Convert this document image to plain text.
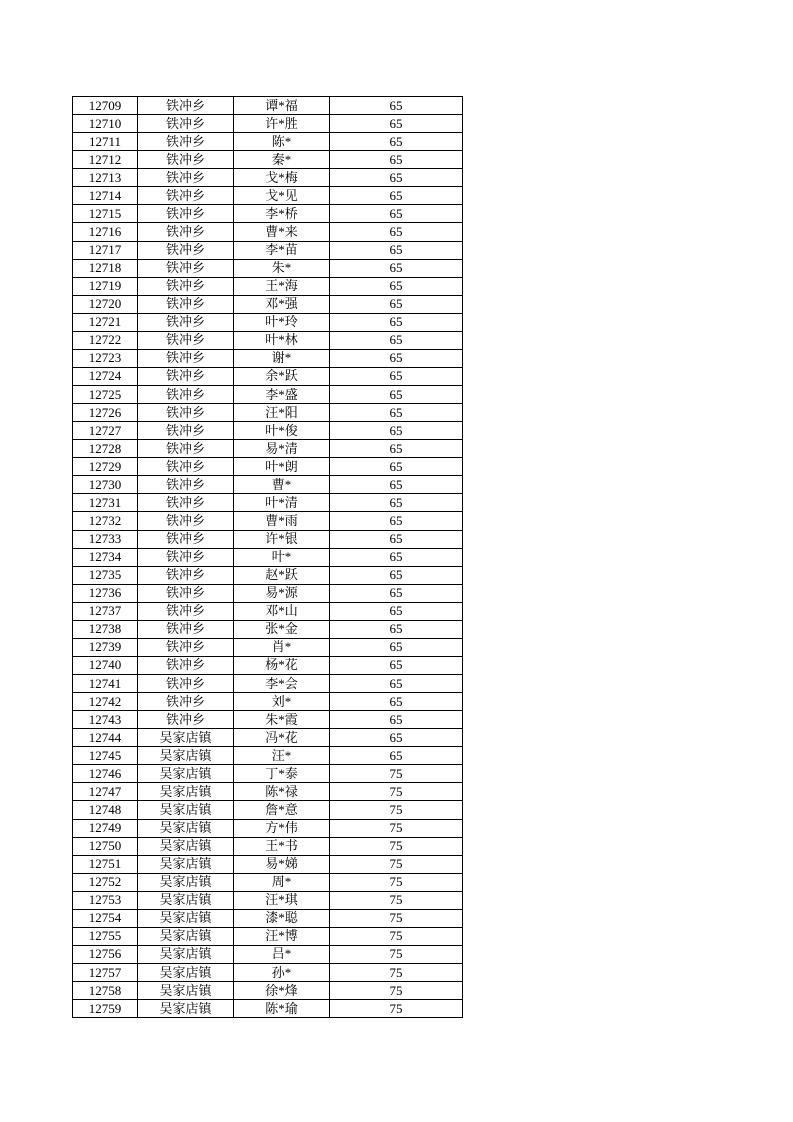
12709	铁冲乡	谭*福	65
12710	铁冲乡	许*胜	65
12711	铁冲乡	陈*	65
12712	铁冲乡	秦*	65
12713	铁冲乡	戈*梅	65
12714	铁冲乡	戈*见	65
12715	铁冲乡	李*桥	65
12716	铁冲乡	曹*来	65
12717	铁冲乡	李*苗	65
12718	铁冲乡	朱*	65
12719	铁冲乡	王*海	65
12720	铁冲乡	邓*强	65
12721	铁冲乡	叶*玲	65
12722	铁冲乡	叶*林	65
12723	铁冲乡	谢*	65
12724	铁冲乡	余*跃	65
12725	铁冲乡	李*盛	65
12726	铁冲乡	汪*阳	65
12727	铁冲乡	叶*俊	65
12728	铁冲乡	易*清	65
12729	铁冲乡	叶*朗	65
12730	铁冲乡	曹*	65
12731	铁冲乡	叶*清	65
12732	铁冲乡	曹*雨	65
12733	铁冲乡	许*银	65
12734	铁冲乡	叶*	65
12735	铁冲乡	赵*跃	65
12736	铁冲乡	易*源	65
12737	铁冲乡	邓*山	65
12738	铁冲乡	张*金	65
12739	铁冲乡	肖*	65
12740	铁冲乡	杨*花	65
12741	铁冲乡	李*会	65
12742	铁冲乡	刘*	65
12743	铁冲乡	朱*霞	65
12744	吴家店镇	冯*花	65
12745	吴家店镇	汪*	65
12746	吴家店镇	丁*泰	75
12747	吴家店镇	陈*禄	75
12748	吴家店镇	詹*意	75
12749	吴家店镇	方*伟	75
12750	吴家店镇	王*书	75
12751	吴家店镇	易*娣	75
12752	吴家店镇	周*	75
12753	吴家店镇	汪*琪	75
12754	吴家店镇	漆*聪	75
12755	吴家店镇	汪*博	75
12756	吴家店镇	吕*	75
12757	吴家店镇	孙*	75
12758	吴家店镇	徐*烽	75
12759	吴家店镇	陈*瑜	75
